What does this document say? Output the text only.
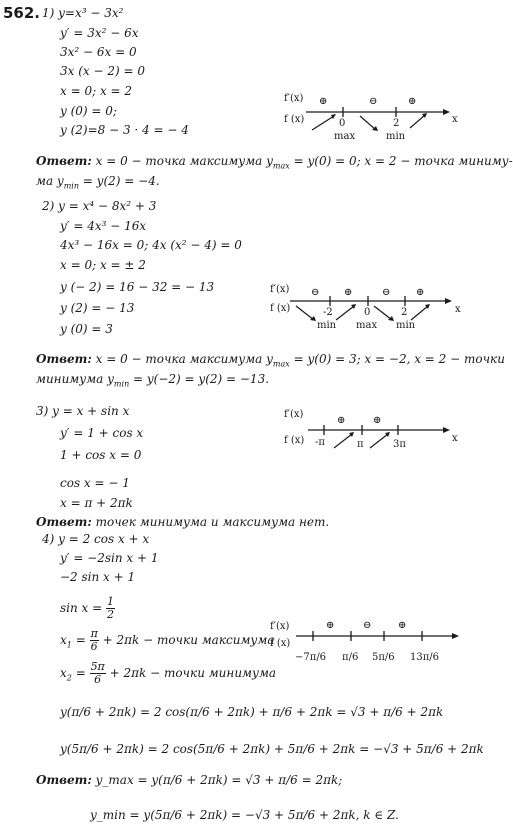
562. 1) y=x³ − 3x²
y′ = 3x² − 6x
3x² − 6x = 0
3x (x − 2) = 0
x = 0; x = 2
y (0) = 0;
y (2)=8 − 3 · 4 = − 4
f′(x)
f (x)
⊕	⊖	⊕
0	2
max	min
x
Ответ: x = 0 − точка максимума $y_{max} = y(0) = 0$; x = 2 − точка миниму-
ма $y_{min} = y(2) = -4$.
2) y = x⁴ − 8x² + 3
y′ = 4x³ − 16x
4x³ − 16x = 0; 4x (x² − 4) = 0
x = 0; x = ± 2
y (− 2) = 16 − 32 = − 13
y (2) = − 13
y (0) = 3
f′(x)
f (x)
⊖ ⊕	⊖	⊕
-2	0	2
min max min
x
Ответ: x = 0 − точка максимума $y_{max} = y(0) = 3$; x = −2, x = 2 − точки
минимума $y_{min} = y(-2) = y(2) = -13$.
3) y = x + sin x
y′ = 1 + cos x
1 + cos x = 0
cos x = − 1
x = π + 2πk
f′(x)
f (x)
⊕	⊕
-π	π	3π
x
Ответ: точек минимума и максимума нет.
4) y = 2 cos x + x
y′ = −2sin x + 1
−2 sin x + 1
$\sin x = \frac{1}{2}$
$x_1 = \frac{\pi}{6} + 2\pi k$ − точки максимума
$x_2 = \frac{5\pi}{6} + 2\pi k$ − точки минимума
y(π/6 + 2πk) = 2 cos(π/6 + 2πk) + π/6 + 2πk = √3 + π/6 + 2πk
y(5π/6 + 2πk) = 2 cos(5π/6 + 2πk) + 5π/6 + 2πk = −√3 + 5π/6 + 2πk
Ответ: y_max = y(π/6 + 2πk) = √3 + π/6 = 2πk;
y_min = y(5π/6 + 2πk) = −√3 + 5π/6 + 2πk, k ∈ Z.
f′(x)
f (x)
⊕	⊖	⊕
−7π/6 π/6 5π/6 13π/6
